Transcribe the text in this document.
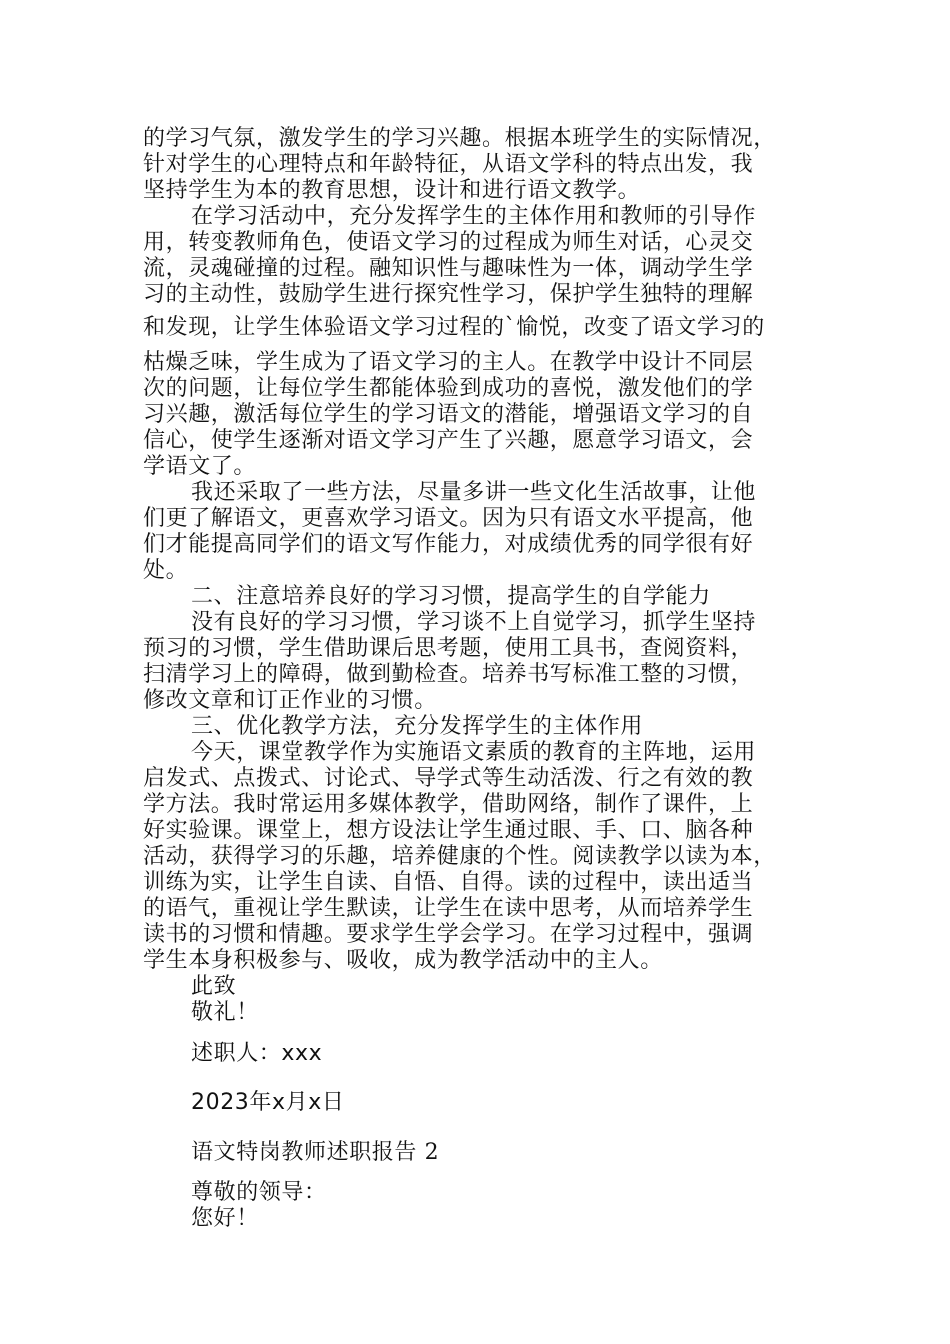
的学习气氛，激发学生的学习兴趣。根据本班学生的实际情况，
针对学生的心理特点和年龄特征，从语文学科的特点出发，我
坚持学生为本的教育思想，设计和进行语文教学。
在学习活动中，充分发挥学生的主体作用和教师的引导作
用，转变教师角色，使语文学习的过程成为师生对话，心灵交
流，灵魂碰撞的过程。融知识性与趣味性为一体，调动学生学
习的主动性，鼓励学生进行探究性学习，保护学生独特的理解
和发现，让学生体验语文学习过程的`愉悦，改变了语文学习的
枯燥乏味，学生成为了语文学习的主人。在教学中设计不同层
次的问题，让每位学生都能体验到成功的喜悦，激发他们的学
习兴趣，激活每位学生的学习语文的潜能，增强语文学习的自
信心，使学生逐渐对语文学习产生了兴趣，愿意学习语文，会
学语文了。
我还采取了一些方法，尽量多讲一些文化生活故事，让他
们更了解语文，更喜欢学习语文。因为只有语文水平提高，他
们才能提高同学们的语文写作能力，对成绩优秀的同学很有好
处。
二、注意培养良好的学习习惯，提高学生的自学能力
没有良好的学习习惯，学习谈不上自觉学习，抓学生坚持
预习的习惯，学生借助课后思考题，使用工具书，查阅资料，
扫清学习上的障碍，做到勤检查。培养书写标准工整的习惯，
修改文章和订正作业的习惯。
三、优化教学方法，充分发挥学生的主体作用
今天，课堂教学作为实施语文素质的教育的主阵地，运用
启发式、点拨式、讨论式、导学式等生动活泼、行之有效的教
学方法。我时常运用多媒体教学，借助网络，制作了课件，上
好实验课。课堂上，想方设法让学生通过眼、手、口、脑各种
活动，获得学习的乐趣，培养健康的个性。阅读教学以读为本，
训练为实，让学生自读、自悟、自得。读的过程中，读出适当
的语气，重视让学生默读，让学生在读中思考，从而培养学生
读书的习惯和情趣。要求学生学会学习。在学习过程中，强调
学生本身积极参与、吸收，成为教学活动中的主人。
此致
敬礼！
述职人：xxx
2023年x月x日
语文特岗教师述职报告 2
尊敬的领导：
您好！
